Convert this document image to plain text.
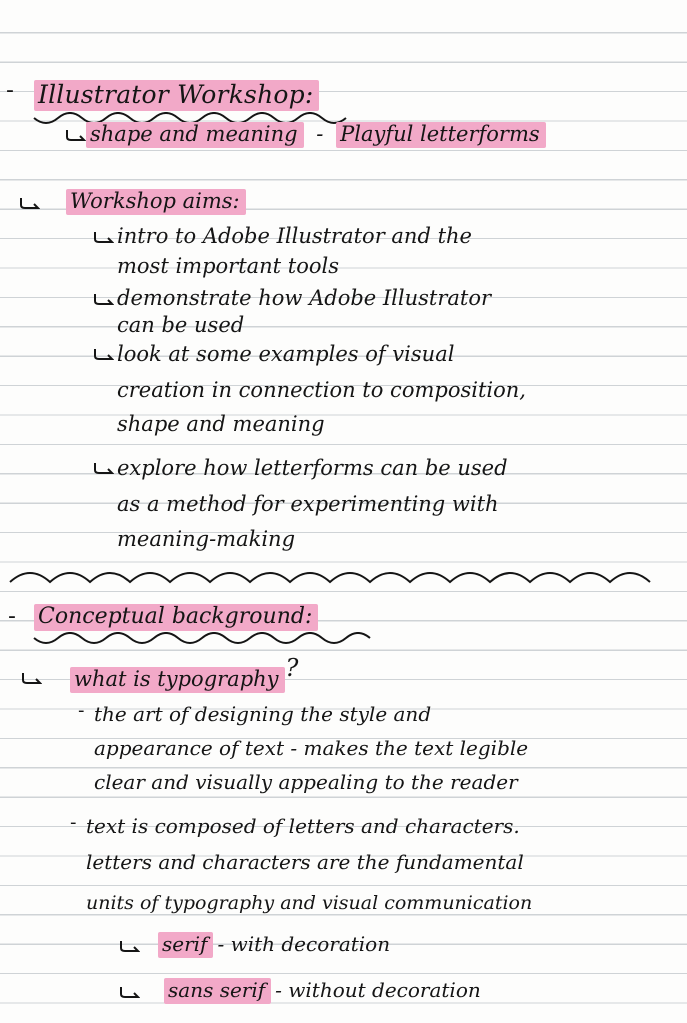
- Illustrator Workshop:
shape and meaning - Playful letterforms
Workshop aims:
intro to Adobe Illustrator and the
most important tools
demonstrate how Adobe Illustrator
can be used
look at some examples of visual
creation in connection to composition,
shape and meaning
explore how letterforms can be used
as a method for experimenting with
meaning-making
- Conceptual background:
what is typography ?
- the art of designing the style and
appearance of text - makes the text legible
clear and visually appealing to the reader
- text is composed of letters and characters.
letters and characters are the fundamental
units of typography and visual communication
serif - with decoration
sans serif - without decoration
